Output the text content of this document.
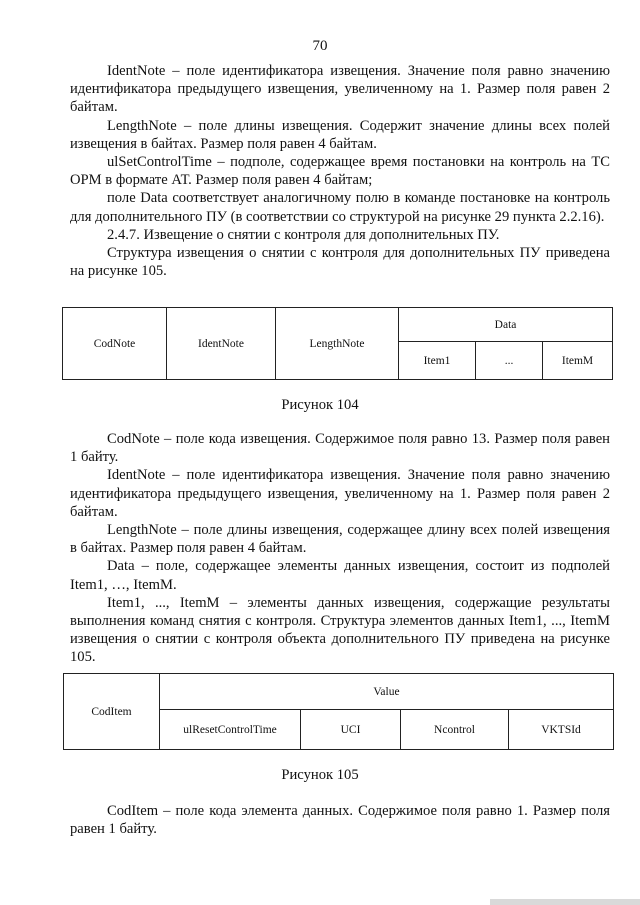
70

IdentNote – поле идентификатора извещения. Значение поля равно значению идентификатора предыдущего извещения, увеличенному на 1. Размер поля равен 2 байтам.

LengthNote – поле длины извещения. Содержит значение длины всех полей извещения в байтах. Размер поля равен 4 байтам.

ulSetControlTime – подполе, содержащее время постановки на контроль на ТС ОРМ в формате АТ. Размер поля равен 4 байтам;

поле Data соответствует аналогичному полю в команде постановке на контроль для дополнительного ПУ (в соответствии со структурой на рисунке 29 пункта 2.2.16).

2.4.7. Извещение о снятии с контроля для дополнительных ПУ.

Структура извещения о снятии с контроля для дополнительных ПУ приведена на рисунке 105.

CodNote	IdentNote	LengthNote	Data		
			Item1	...	ItemM
Рисунок 104

CodNote – поле кода извещения. Содержимое поля равно 13. Размер поля равен 1 байту.

IdentNote – поле идентификатора извещения. Значение поля равно значению идентификатора предыдущего извещения, увеличенному на 1. Размер поля равен 2 байтам.

LengthNote – поле длины извещения, содержащее длину всех полей извещения в байтах. Размер поля равен 4 байтам.

Data – поле, содержащее элементы данных извещения, состоит из подполей Item1, …, ItemM.

Item1, ..., ItemM – элементы данных извещения, содержащие результаты выполнения команд снятия с контроля. Структура элементов данных Item1, ..., ItemM извещения о снятии с контроля объекта дополнительного ПУ приведена на рисунке 105.

CodItem	Value			
	ulResetControlTime	UCI	Ncontrol	VKTSId
Рисунок 105

CodItem – поле кода элемента данных. Содержимое поля равно 1. Размер поля равен 1 байту.
